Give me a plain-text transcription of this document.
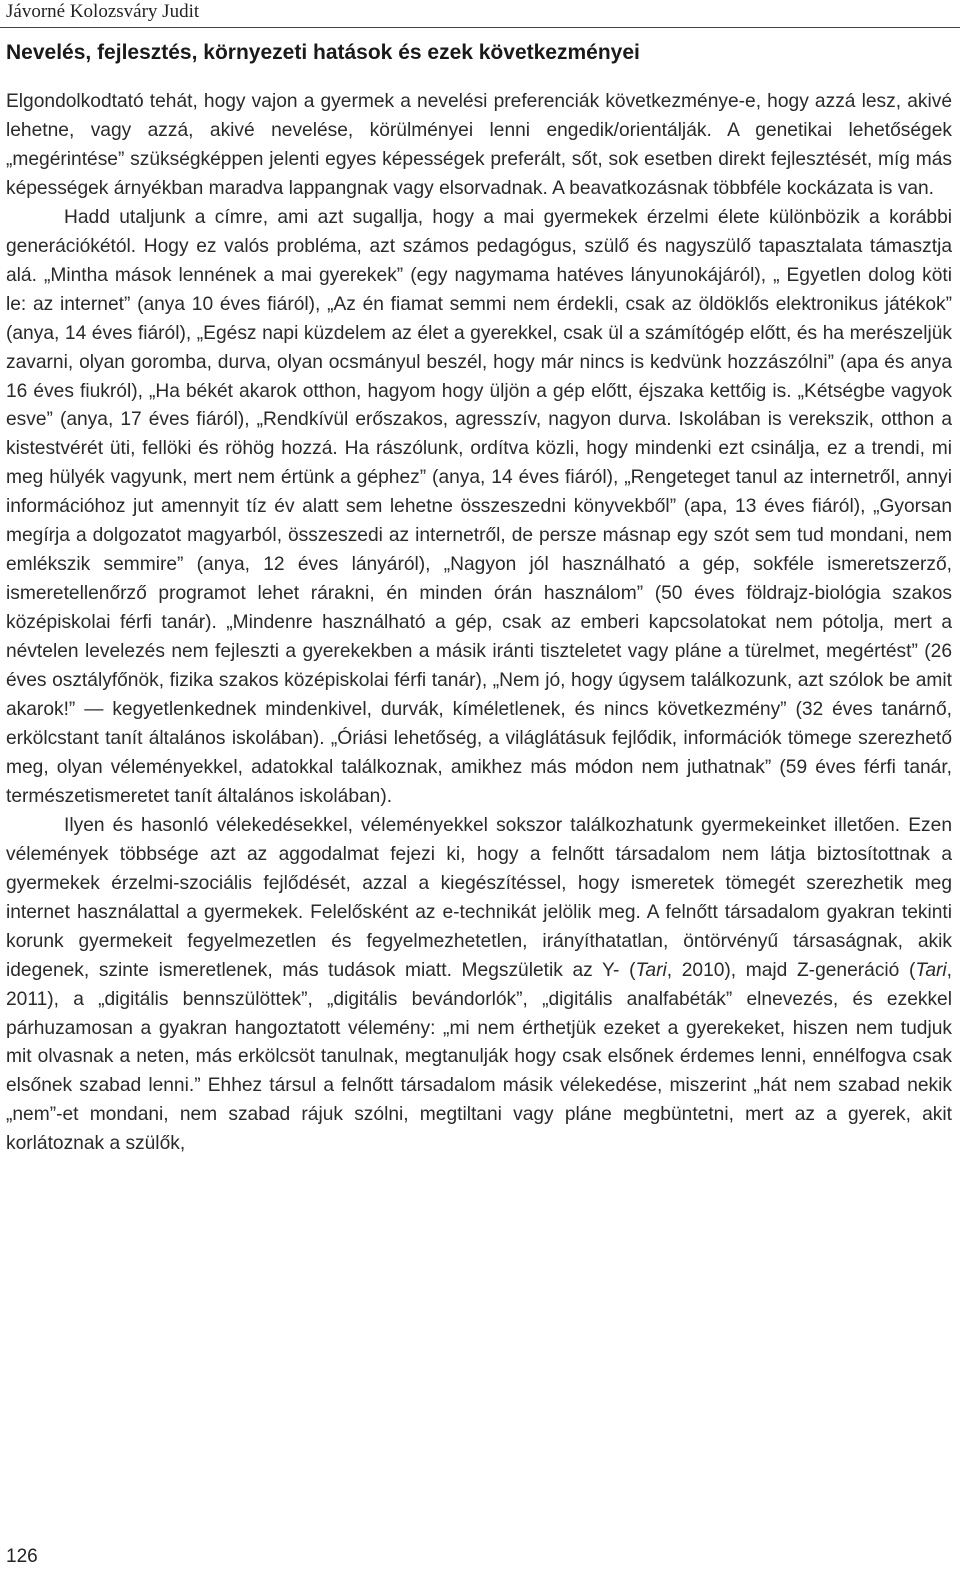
Jávorné Kolozsváry Judit
Nevelés, fejlesztés, környezeti hatások és ezek következményei

Elgondolkodtató tehát, hogy vajon a gyermek a nevelési preferenciák következménye-e, hogy azzá lesz, akivé lehetne, vagy azzá, akivé nevelése, körülményei lenni engedik/orientálják. A genetikai lehetőségek „megérintése” szükségképpen jelenti egyes képességek preferált, sőt, sok esetben direkt fejlesztését, míg más képességek árnyékban maradva lappangnak vagy elsorvadnak. A beavatkozásnak többféle kockázata is van.

Hadd utaljunk a címre, ami azt sugallja, hogy a mai gyermekek érzelmi élete különbözik a korábbi generációkétól. Hogy ez valós probléma, azt számos pedagógus, szülő és nagyszülő tapasztalata támasztja alá. „Mintha mások lennének a mai gyerekek” (egy nagymama hatéves lányunokájáról), „ Egyetlen dolog köti le: az internet” (anya 10 éves fiáról), „Az én fiamat semmi nem érdekli, csak az öldöklős elektronikus játékok” (anya, 14 éves fiáról), „Egész napi küzdelem az élet a gyerekkel, csak ül a számítógép előtt, és ha merészeljük zavarni, olyan goromba, durva, olyan ocsmányul beszél, hogy már nincs is kedvünk hozzászólni” (apa és anya 16 éves fiukról), „Ha békét akarok otthon, hagyom hogy üljön a gép előtt, éjszaka kettőig is. „Kétségbe vagyok esve” (anya, 17 éves fiáról), „Rendkívül erőszakos, agresszív, nagyon durva. Iskolában is verekszik, otthon a kistestvérét üti, fellöki és röhög hozzá. Ha rászólunk, ordítva közli, hogy mindenki ezt csinálja, ez a trendi, mi meg hülyék vagyunk, mert nem értünk a géphez” (anya, 14 éves fiáról), „Rengeteget tanul az internetről, annyi információhoz jut amennyit tíz év alatt sem lehetne összeszedni könyvekből” (apa, 13 éves fiáról), „Gyorsan megírja a dolgozatot magyarból, összeszedi az internetről, de persze másnap egy szót sem tud mondani, nem emlékszik semmire” (anya, 12 éves lányáról), „Nagyon jól használható a gép, sokféle ismeretszerző, ismeretellenőrző programot lehet rárakni, én minden órán használom” (50 éves földrajz-biológia szakos középiskolai férfi tanár). „Mindenre használható a gép, csak az emberi kapcsolatokat nem pótolja, mert a névtelen levelezés nem fejleszti a gyerekekben a másik iránti tiszteletet vagy pláne a türelmet, megértést” (26 éves osztályfőnök, fizika szakos középiskolai férfi tanár), „Nem jó, hogy úgysem találkozunk, azt szólok be amit akarok!” — kegyetlenkednek mindenkivel, durvák, kíméletlenek, és nincs következmény” (32 éves tanárnő, erkölcstant tanít általános iskolában). „Óriási lehetőség, a világlátásuk fejlődik, információk tömege szerezhető meg, olyan véleményekkel, adatokkal találkoznak, amikhez más módon nem juthatnak” (59 éves férfi tanár, természetismeretet tanít általános iskolában).

Ilyen és hasonló vélekedésekkel, véleményekkel sokszor találkozhatunk gyermekeinket illetően. Ezen vélemények többsége azt az aggodalmat fejezi ki, hogy a felnőtt társadalom nem látja biztosítottnak a gyermekek érzelmi-szociális fejlődését, azzal a kiegészítéssel, hogy ismeretek tömegét szerezhetik meg internet használattal a gyermekek. Felelősként az e-technikát jelölik meg. A felnőtt társadalom gyakran tekinti korunk gyermekeit fegyelmezetlen és fegyelmezhetetlen, irányíthatatlan, öntörvényű társaságnak, akik idegenek, szinte ismeretlenek, más tudások miatt. Megszületik az Y- (Tari, 2010), majd Z-generáció (Tari, 2011), a „digitális bennszülöttek”, „digitális bevándorlók”, „digitális analfabéták” elnevezés, és ezekkel párhuzamosan a gyakran hangoztatott vélemény: „mi nem érthetjük ezeket a gyerekeket, hiszen nem tudjuk mit olvasnak a neten, más erkölcsöt tanulnak, megtanulják hogy csak elsőnek érdemes lenni, ennélfogva csak elsőnek szabad lenni.” Ehhez társul a felnőtt társadalom másik vélekedése, miszerint „hát nem szabad nekik „nem”-et mondani, nem szabad rájuk szólni, megtiltani vagy pláne megbüntetni, mert az a gyerek, akit korlátoznak a szülők,

126
